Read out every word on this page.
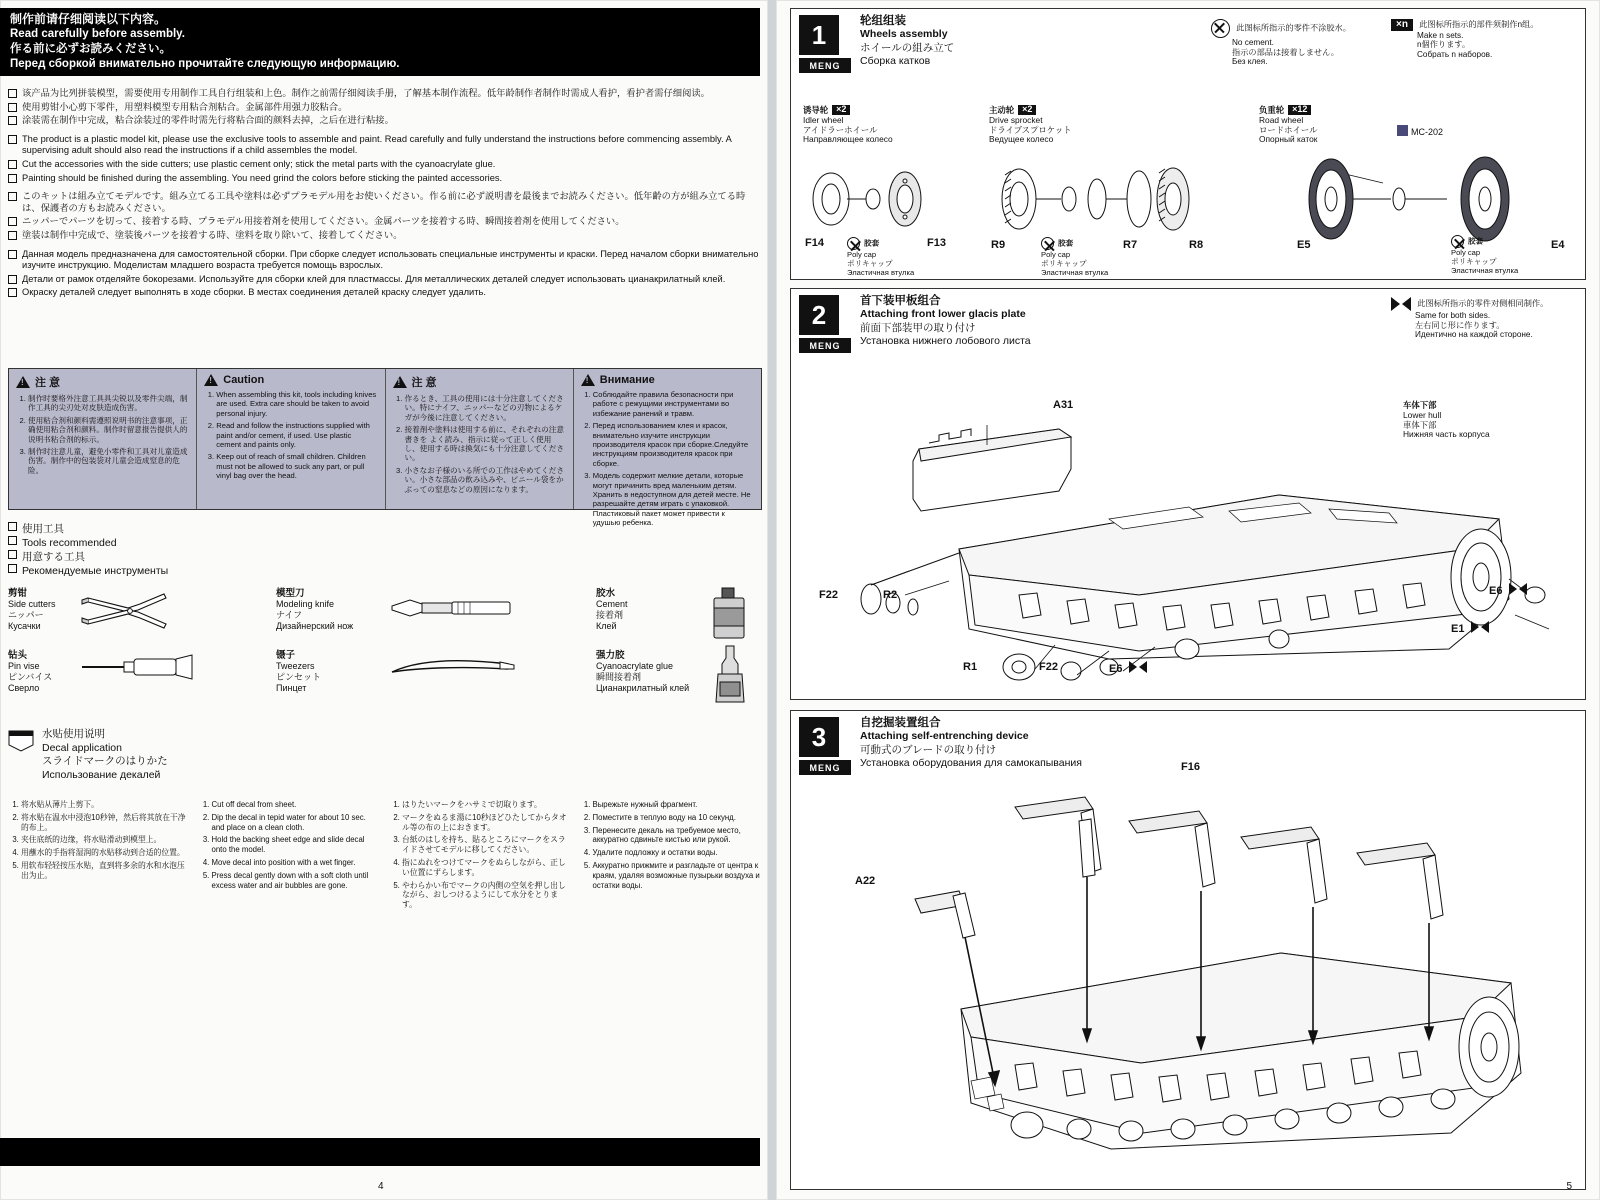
制作前请仔细阅读以下内容。
Read carefully before assembly.
作る前に必ずお読みください。
Перед сборкой внимательно прочитайте следующую информацию.

该产品为比列拼装模型，需要使用专用制作工具自行组装和上色。制作之前需仔细阅读手册，了解基本制作流程。低年龄制作者制作时需成人看护，看护者需仔细阅读。

使用剪钳小心剪下零件，用塑料模型专用粘合剂粘合。金属部件用强力胶粘合。

涂装需在制作中完成，粘合涂装过的零件时需先行将粘合面的颜料去掉，之后在进行粘接。

The product is a plastic model kit, please use the exclusive tools to assemble and paint. Read carefully and fully understand the instructions before commencing assembly. A supervising adult should also read the instructions if a child assembles the model.

Cut the accessories with the side cutters; use plastic cement only; stick the metal parts with the cyanoacrylate glue.

Painting should be finished during the assembling. You need grind the colors before sticking the painted accessories.

このキットは組み立てモデルです。組み立てる工具や塗料は必ずプラモデル用をお使いください。作る前に必ず説明書を最後までお読みください。低年齢の方が組み立てる時は、保護者の方もお読みください。

ニッパーでパーツを切って、接着する時、プラモデル用接着剤を使用してください。金属パーツを接着する時、瞬間接着剤を使用してください。

塗装は制作中完成で、塗装後パーツを接着する時、塗料を取り除いて、接着してください。

Данная модель предназначена для самостоятельной сборки. При сборке следует использовать специальные инструменты и краски. Перед началом сборки внимательно изучите инструкцию. Моделистам младшего возраста требуется помощь взрослых.

Детали от рамок отделяйте бокорезами. Используйте для сборки клей для пластмассы. Для металлических деталей следует использовать цианакрилатный клей.

Окраску деталей следует выполнять в ходе сборки. В местах соединения деталей краску следует удалить.

!
注 意
1. 制作时要格外注意工具具尖锐以及零件尖端，制作工具的尖刃处对皮肤造成伤害。
2. 使用粘合剂和颜料需遵照说明书的注意事项，正确使用粘合剂和颜料。制作时留意报告提供人的说明书粘合剂的标示。
3. 制作时注意儿童，避免小零件和工具对儿童造成伤害。制作中的包装袋对儿童会造成窒息的危险。
!
Caution
1. When assembling this kit, tools including knives are used. Extra care should be taken to avoid personal injury.
2. Read and follow the instructions supplied with paint and/or cement, if used. Use plastic cement and paints only.
3. Keep out of reach of small children. Children must not be allowed to suck any part, or pull vinyl bag over the head.
!
注 意
1. 作るとき、工具の使用には十分注意してください。特にナイフ、ニッパーなどの刃物によるケガが今後に注意してください。
2. 接着剤や塗料は使用する前に、それぞれの注意書きを よく読み、指示に従って正しく使用し、使用する時は換気にも十分注意してください。
3. 小さなお子様のいる所での工作はやめてください。小さな部品の飲み込みや、ビニール袋をかぶっての窒息などの原因になります。
!
Внимание
1. Соблюдайте правила безопасности при работе с режущими инструментами во избежание ранений и травм.
2. Перед использованием клея и красок, внимательно изучите инструкции производителя красок при сборке.Следуйте инструкциям производителя красок при сборке.
3. Модель содержит мелкие детали, которые могут причинить вред маленьким детям. Хранить в недоступном для детей месте. Не разрешайте детям играть с упаковкой. Пластиковый пакет может привести к удушью ребенка.
使用工具
Tools recommended
用意する工具
Рекомендуемые инструменты
剪钳
Side cutters
ニッパー
Кусачки
钻头
Pin vise
ピンバイス
Сверло
模型刀
Modeling knife
ナイフ
Дизайнерский нож
镊子
Tweezers
ピンセット
Пинцет
胶水
Cement
接着剤
Клей
强力胶
Cyanoacrylate glue
瞬間接着剤
Цианакрилатный клей
水贴使用说明
Decal application
スライドマークのはりかた
Использование декалей
1. 将水贴从薄片上剪下。
2. 将水贴在温水中浸泡10秒钟，然后将其放在干净的布上。
3. 夹住底纸的边缘，将水贴滑动到模型上。
4. 用蘸水的手指将湿润的水贴移动到合适的位置。
5. 用软布轻轻按压水贴，直到将多余的水和水泡压出为止。
1. Cut off decal from sheet.
2. Dip the decal in tepid water for about 10 sec. and place on a clean cloth.
3. Hold the backing sheet edge and slide decal onto the model.
4. Move decal into position with a wet finger.
5. Press decal gently down with a soft cloth until excess water and air bubbles are gone.
1. はりたいマークをハサミで切取ります。
2. マークをぬるま湯に10秒ほどひたしてからタオル等の布の上におきます。
3. 台紙のはしを持ち、貼るところにマークをスライドさせてモデルに移してください。
4. 指にぬれをつけてマークをぬらしながら、正しい位置にずらします。
5. やわらかい布でマークの内側の空気を押し出しながら、おしつけるようにして水分をとります。
1. Вырежьте нужный фрагмент.
2. Поместите в теплую воду на 10 секунд.
3. Перенесите декаль на требуемое место, аккуратно сдвиньте кистью или рукой.
4. Удалите подложку и остатки воды.
5. Аккуратно прижмите и разгладьте от центра к краям, удаляя возможные пузырьки воздуха и остатки воды.
4
1
MENG
轮组组装
Wheels assembly
ホイールの組み立て
Сборка катков
此图标所指示的零件不涂胶水。

No cement.
指示の部品は接着しません。
Без клея.
×n 此图标所指示的部件须制作n组。

Make n sets.
n個作ります。
Собрать n наборов.
诱导轮 ×2
Idler wheel
アイドラーホイール
Направляющее колесо
F14	F13
胶套
Poly cap
ポリキャップ
Эластичная втулка
主动轮 ×2
Drive sprocket
ドライブスプロケット
Ведущее колесо
R9	R7	R8
胶套
Poly cap
ポリキャップ
Эластичная втулка
负重轮 ×12
Road wheel
ロードホイール
Опорный каток
MC-202
E5	E4
胶套
Poly cap
ポリキャップ
Эластичная втулка
2
MENG
首下装甲板组合
Attaching front lower glacis plate
前面下部装甲の取り付け
Установка нижнего лобового листа
此图标所指示的零件对侧相同制作。

Same for both sides.
左右同じ形に作ります。
Идентично на каждой стороне.
A31
F22	R2
R1	F22	E6
E6
E1
车体下部
Lower hull
車体下部
Нижняя часть корпуса
3
MENG
自挖掘装置组合
Attaching self-entrenching device
可動式のブレードの取り付け
Установка оборудования для самокапывания	F16
A22
5
